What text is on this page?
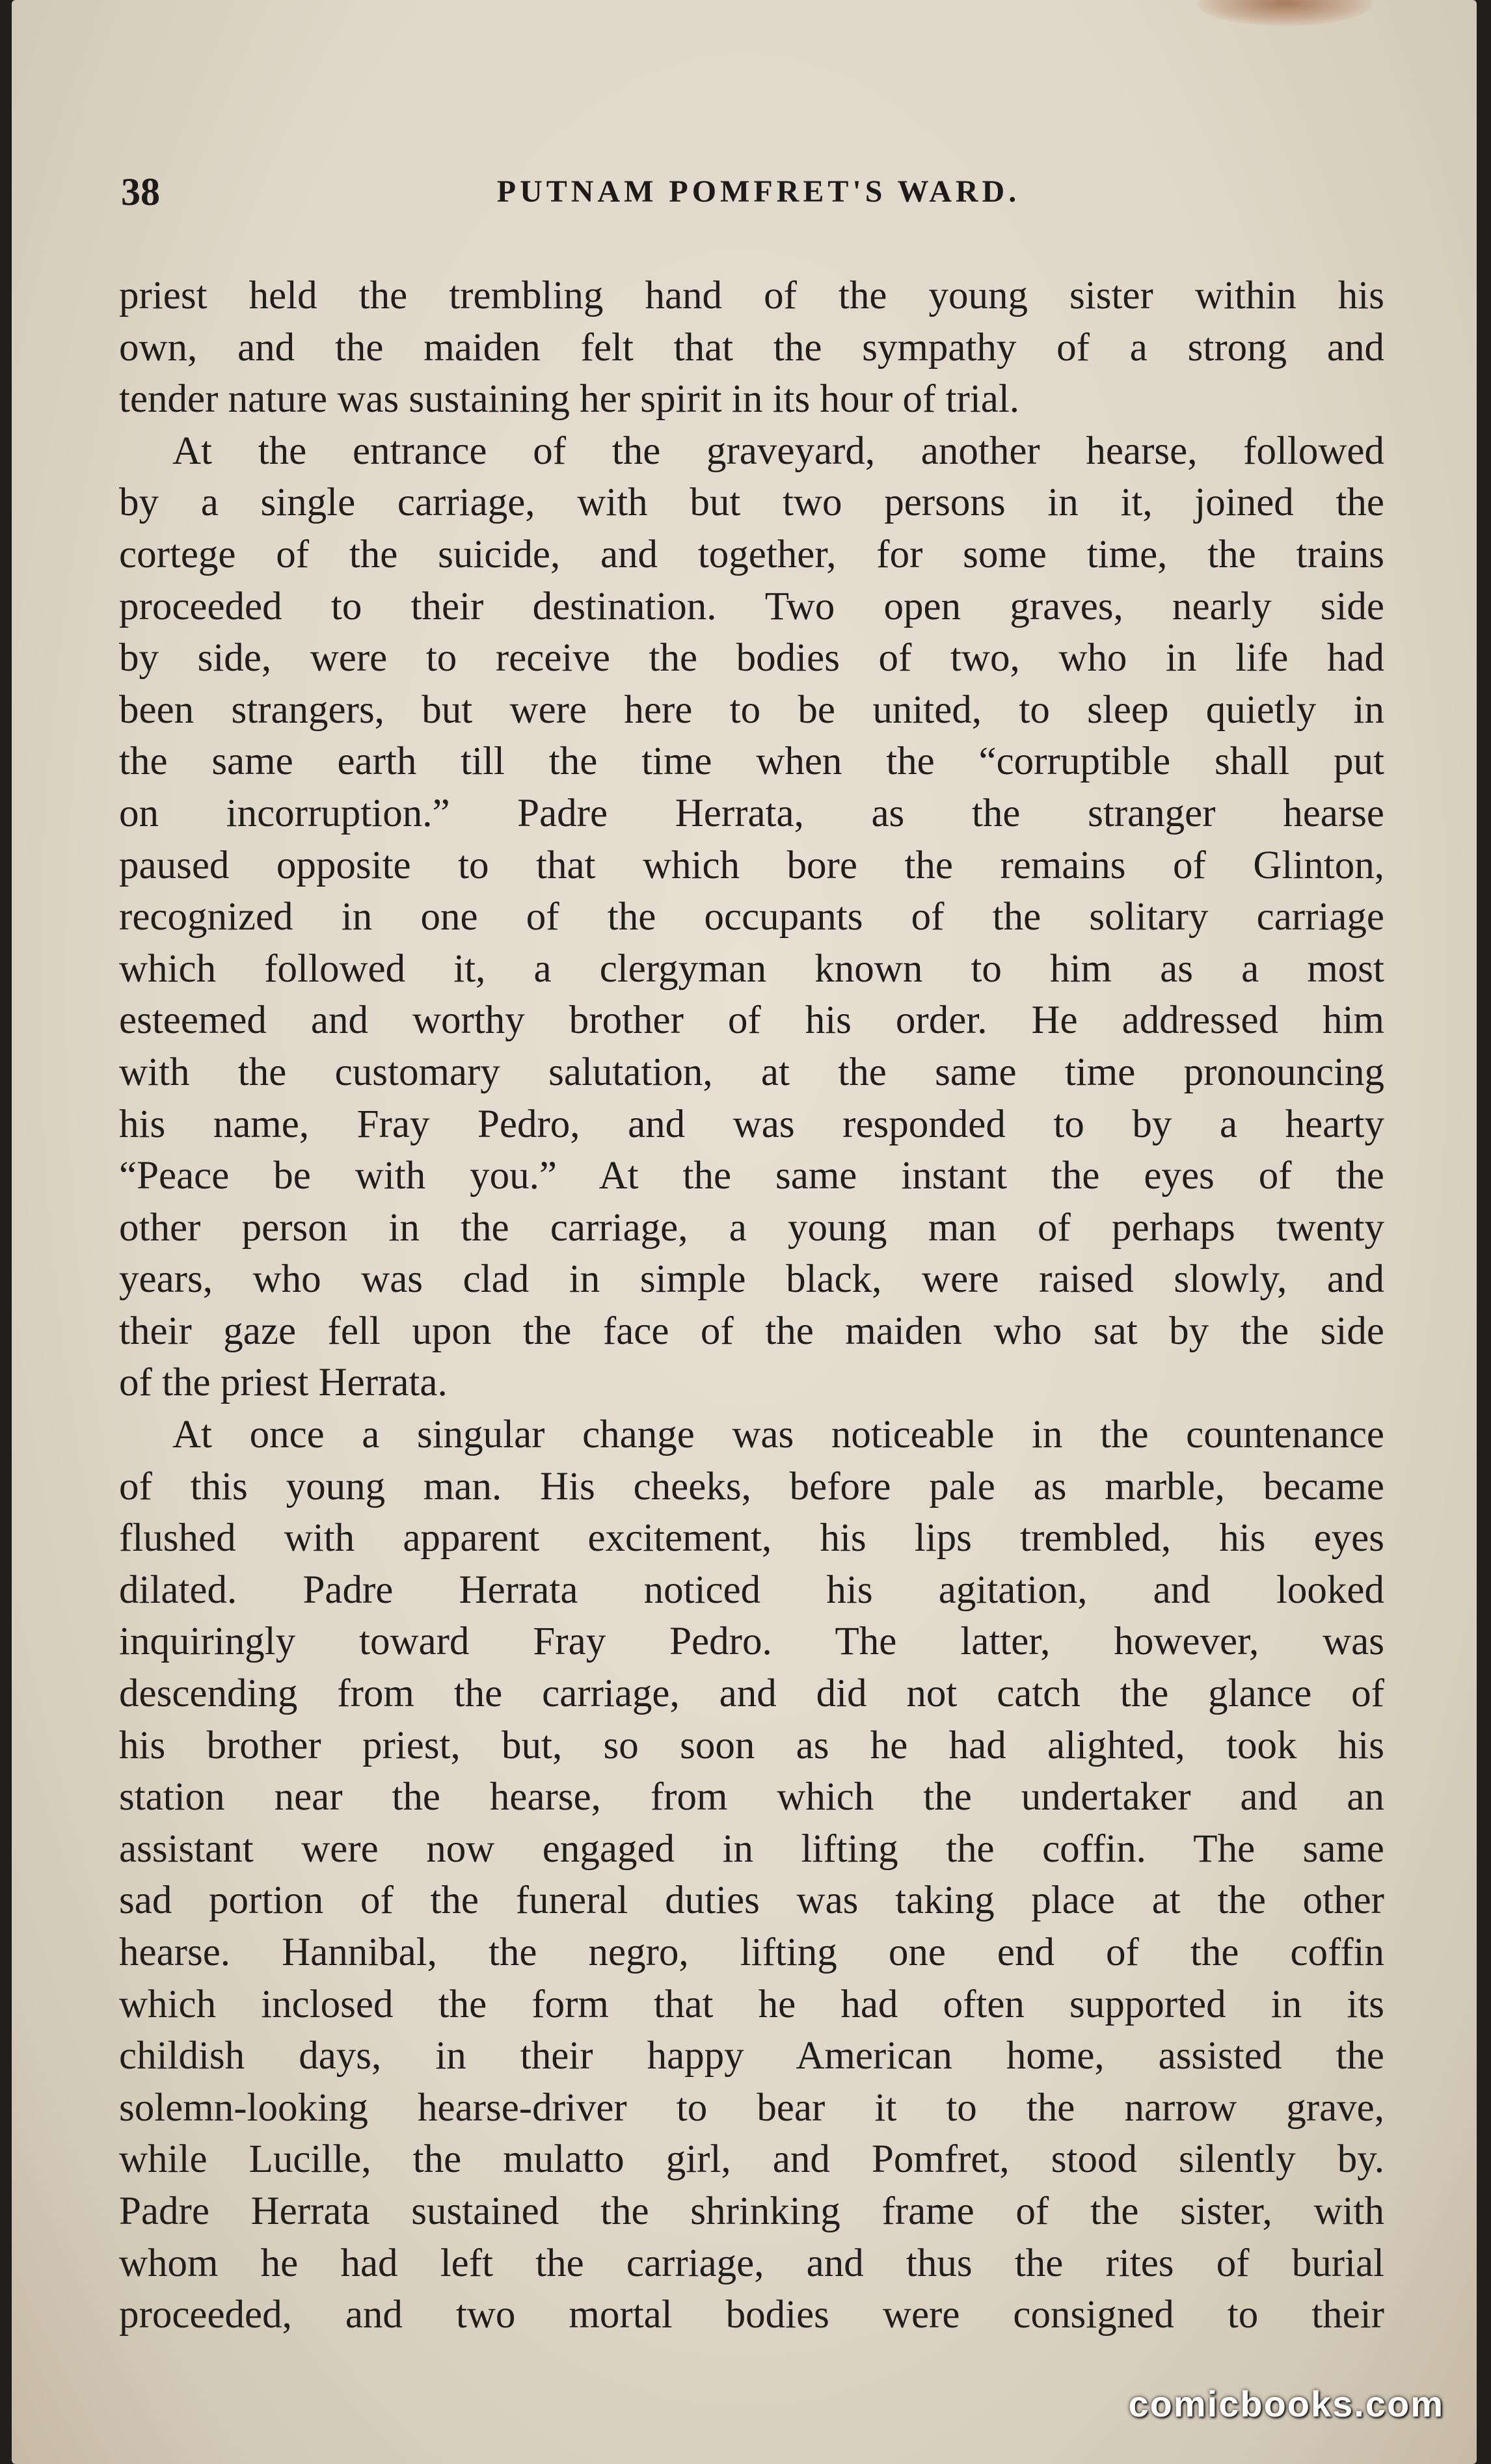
38	PUTNAM POMFRET'S WARD.
priest held the trembling hand of the young sister within his
own, and the maiden felt that the sympathy of a strong and
tender nature was sustaining her spirit in its hour of trial.
At the entrance of the graveyard, another hearse, followed
by a single carriage, with but two persons in it, joined the
cortege of the suicide, and together, for some time, the trains
proceeded to their destination. Two open graves, nearly side
by side, were to receive the bodies of two, who in life had
been strangers, but were here to be united, to sleep quietly in
the same earth till the time when the “corruptible shall put
on incorruption.” Padre Herrata, as the stranger hearse
paused opposite to that which bore the remains of Glinton,
recognized in one of the occupants of the solitary carriage
which followed it, a clergyman known to him as a most
esteemed and worthy brother of his order. He addressed him
with the customary salutation, at the same time pronouncing
his name, Fray Pedro, and was responded to by a hearty
“Peace be with you.” At the same instant the eyes of the
other person in the carriage, a young man of perhaps twenty
years, who was clad in simple black, were raised slowly, and
their gaze fell upon the face of the maiden who sat by the side
of the priest Herrata.
At once a singular change was noticeable in the countenance
of this young man. His cheeks, before pale as marble, became
flushed with apparent excitement, his lips trembled, his eyes
dilated. Padre Herrata noticed his agitation, and looked
inquiringly toward Fray Pedro. The latter, however, was
descending from the carriage, and did not catch the glance of
his brother priest, but, so soon as he had alighted, took his
station near the hearse, from which the undertaker and an
assistant were now engaged in lifting the coffin. The same
sad portion of the funeral duties was taking place at the other
hearse. Hannibal, the negro, lifting one end of the coffin
which inclosed the form that he had often supported in its
childish days, in their happy American home, assisted the
solemn-looking hearse-driver to bear it to the narrow grave,
while Lucille, the mulatto girl, and Pomfret, stood silently by.
Padre Herrata sustained the shrinking frame of the sister, with
whom he had left the carriage, and thus the rites of burial
proceeded, and two mortal bodies were consigned to their
comicbooks.com
